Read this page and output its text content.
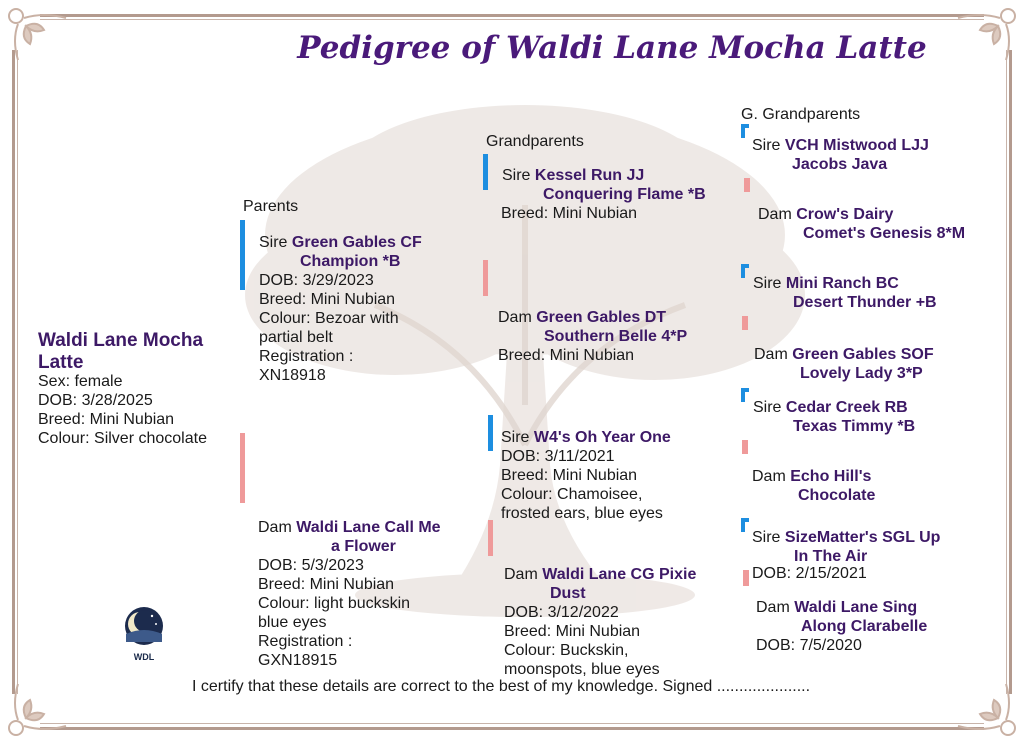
Pedigree of Waldi Lane Mocha Latte
Parents
Grandparents
G. Grandparents
Waldi Lane Mocha Latte
Sex: female
DOB: 3/28/2025
Breed: Mini Nubian
Colour: Silver chocolate
Sire Green Gables CF
Champion *B
DOB: 3/29/2023
Breed: Mini Nubian
Colour: Bezoar with partial belt
Registration : XN18918
Dam Waldi Lane Call Me
a Flower
DOB: 5/3/2023
Breed: Mini Nubian
Colour: light buckskin blue eyes
Registration : GXN18915
Sire Kessel Run JJ
Conquering Flame *B
Breed: Mini Nubian
Dam Green Gables DT
Southern Belle 4*P
Breed: Mini Nubian
Sire W4's Oh Year One
DOB: 3/11/2021
Breed: Mini Nubian
Colour: Chamoisee, frosted ears, blue eyes
Dam Waldi Lane CG Pixie
Dust
DOB: 3/12/2022
Breed: Mini Nubian
Colour: Buckskin, moonspots, blue eyes
Sire VCH Mistwood LJJ
Jacobs Java
Dam Crow's Dairy
Comet's Genesis 8*M
Sire Mini Ranch BC
Desert Thunder +B
Dam Green Gables SOF
Lovely Lady 3*P
Sire Cedar Creek RB
Texas Timmy *B
Dam Echo Hill's
Chocolate
Sire SizeMatter's SGL Up
In The Air
DOB: 2/15/2021
Dam Waldi Lane Sing
Along Clarabelle
DOB: 7/5/2020
WDL
I certify that these details are correct to the best of my knowledge. Signed .....................
